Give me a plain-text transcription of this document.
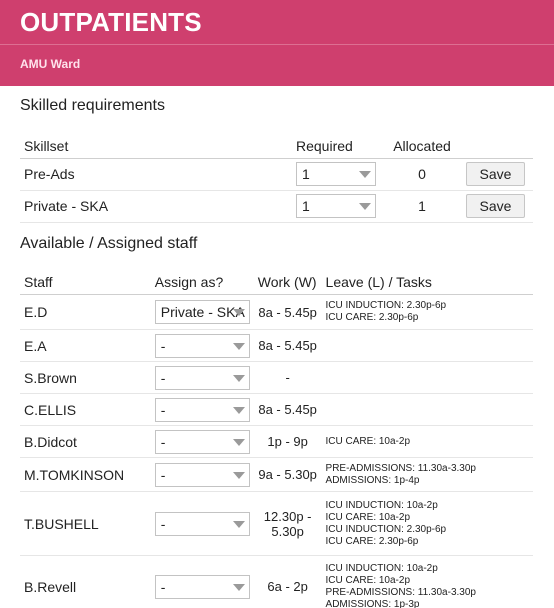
OUTPATIENTS
AMU Ward
Skilled requirements
Skillset	Required	Allocated	
Pre-Ads	1	0	Save
Private - SKA	1	1	Save
Available / Assigned staff
Staff	Assign as?	Work (W)	Leave (L) / Tasks
E.D	Private - SKA	8a - 5.45p	ICU INDUCTION: 2.30p-6p
ICU CARE: 2.30p-6p

E.A	-	8a - 5.45p	
S.Brown	-	-	
C.ELLIS	-	8a - 5.45p	
B.Didcot	-	1p - 9p	ICU CARE: 10a-2p

M.TOMKINSON	-	9a - 5.30p	PRE-ADMISSIONS: 11.30a-3.30p
ADMISSIONS: 1p-4p

T.BUSHELL	-	12.30p - 5.30p	ICU INDUCTION: 10a-2p
ICU CARE: 10a-2p
ICU INDUCTION: 2.30p-6p
ICU CARE: 2.30p-6p

B.Revell	-	6a - 2p	ICU INDUCTION: 10a-2p
ICU CARE: 10a-2p
PRE-ADMISSIONS: 11.30a-3.30p
ADMISSIONS: 1p-3p
